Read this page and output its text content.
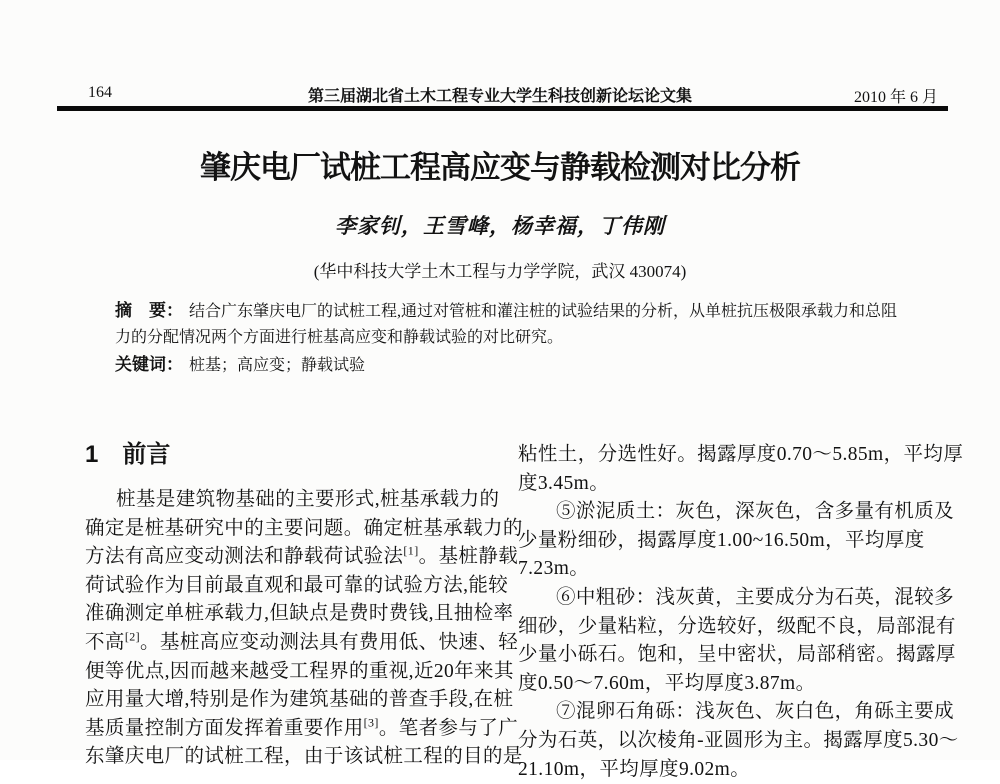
164	第三届湖北省土木工程专业大学生科技创新论坛论文集	2010 年 6 月
肇庆电厂试桩工程高应变与静载检测对比分析
李家钊，王雪峰，杨幸福，丁伟刚
(华中科技大学土木工程与力学学院，武汉 430074)
摘　要： 结合广东肇庆电厂的试桩工程,通过对管桩和灌注桩的试验结果的分析，从单桩抗压极限承载力和总阻
力的分配情况两个方面进行桩基高应变和静载试验的对比研究。
关键词： 桩基；高应变；静载试验
1　前言
桩基是建筑物基础的主要形式,桩基承载力的
确定是桩基研究中的主要问题。确定桩基承载力的
方法有高应变动测法和静载荷试验法[1]。基桩静载
荷试验作为目前最直观和最可靠的试验方法,能较
准确测定单桩承载力,但缺点是费时费钱,且抽检率
不高[2]。基桩高应变动测法具有费用低、快速、轻
便等优点,因而越来越受工程界的重视,近20年来其
应用量大增,特别是作为建筑基础的普查手段,在桩
基质量控制方面发挥着重要作用[3]。笔者参与了广
东肇庆电厂的试桩工程，由于该试桩工程的目的是
粘性土，分选性好。揭露厚度0.70～5.85m，平均厚
度3.45m。
⑤淤泥质土：灰色，深灰色，含多量有机质及
少量粉细砂，揭露厚度1.00~16.50m，平均厚度
7.23m。
⑥中粗砂：浅灰黄，主要成分为石英，混较多
细砂，少量粘粒，分选较好，级配不良，局部混有
少量小砾石。饱和，呈中密状，局部稍密。揭露厚
度0.50～7.60m，平均厚度3.87m。
⑦混卵石角砾：浅灰色、灰白色，角砾主要成
分为石英，以次棱角-亚圆形为主。揭露厚度5.30～
21.10m，平均厚度9.02m。
